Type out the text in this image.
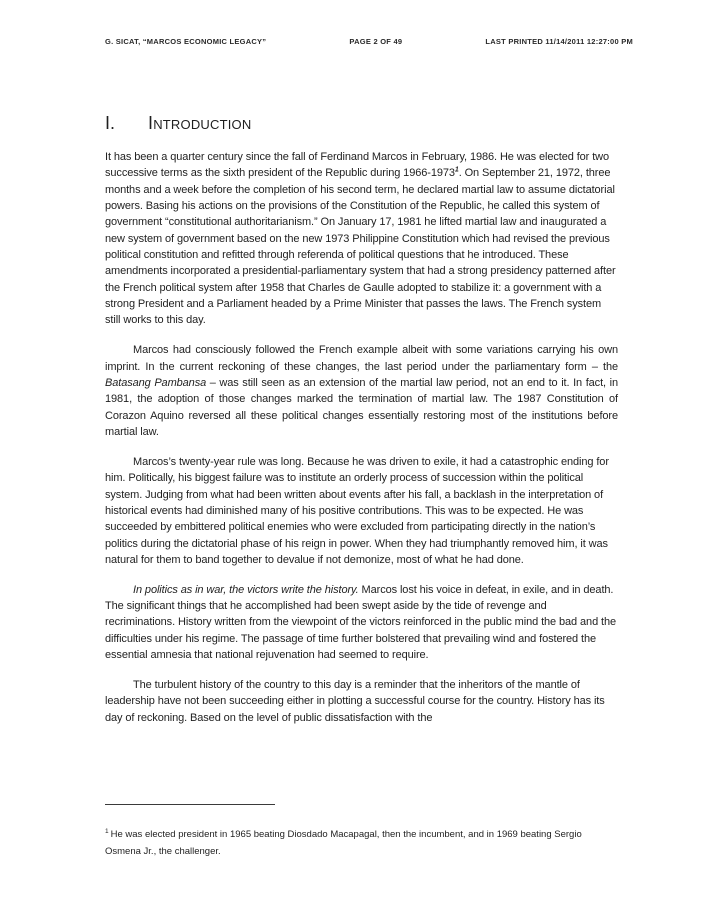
G. SICAT, “MARCOS ECONOMIC LEGACY”	PAGE 2 OF 49	LAST PRINTED 11/14/2011 12:27:00 PM
I.	Introduction

It has been a quarter century since the fall of Ferdinand Marcos in February, 1986. He was elected for two successive terms as the sixth president of the Republic during 1966-1973$^1$. On September 21, 1972, three months and a week before the completion of his second term, he declared martial law to assume dictatorial powers. Basing his actions on the provisions of the Constitution of the Republic, he called this system of government “constitutional authoritarianism.” On January 17, 1981 he lifted martial law and inaugurated a new system of government based on the new 1973 Philippine Constitution which had revised the previous political constitution and refitted through referenda of political questions that he introduced. These amendments incorporated a presidential-parliamentary system that had a strong presidency patterned after the French political system after 1958 that Charles de Gaulle adopted to stabilize it: a government with a strong President and a Parliament headed by a Prime Minister that passes the laws. The French system still works to this day.

Marcos had consciously followed the French example albeit with some variations carrying his own imprint. In the current reckoning of these changes, the last period under the parliamentary form – the Batasang Pambansa – was still seen as an extension of the martial law period, not an end to it. In fact, in 1981, the adoption of those changes marked the termination of martial law. The 1987 Constitution of Corazon Aquino reversed all these political changes essentially restoring most of the institutions before martial law.

Marcos’s twenty-year rule was long. Because he was driven to exile, it had a catastrophic ending for him. Politically, his biggest failure was to institute an orderly process of succession within the political system. Judging from what had been written about events after his fall, a backlash in the interpretation of historical events had diminished many of his positive contributions. This was to be expected. He was succeeded by embittered political enemies who were excluded from participating directly in the nation’s politics during the dictatorial phase of his reign in power. When they had triumphantly removed him, it was natural for them to band together to devalue if not demonize, most of what he had done.

In politics as in war, the victors write the history. Marcos lost his voice in defeat, in exile, and in death. The significant things that he accomplished had been swept aside by the tide of revenge and recriminations. History written from the viewpoint of the victors reinforced in the public mind the bad and the difficulties under his regime. The passage of time further bolstered that prevailing wind and fostered the essential amnesia that national rejuvenation had seemed to require.

The turbulent history of the country to this day is a reminder that the inheritors of the mantle of leadership have not been succeeding either in plotting a successful course for the country. History has its day of reckoning. Based on the level of public dissatisfaction with the

$^1$ He was elected president in 1965 beating Diosdado Macapagal, then the incumbent, and in 1969 beating Sergio Osmena Jr., the challenger.
